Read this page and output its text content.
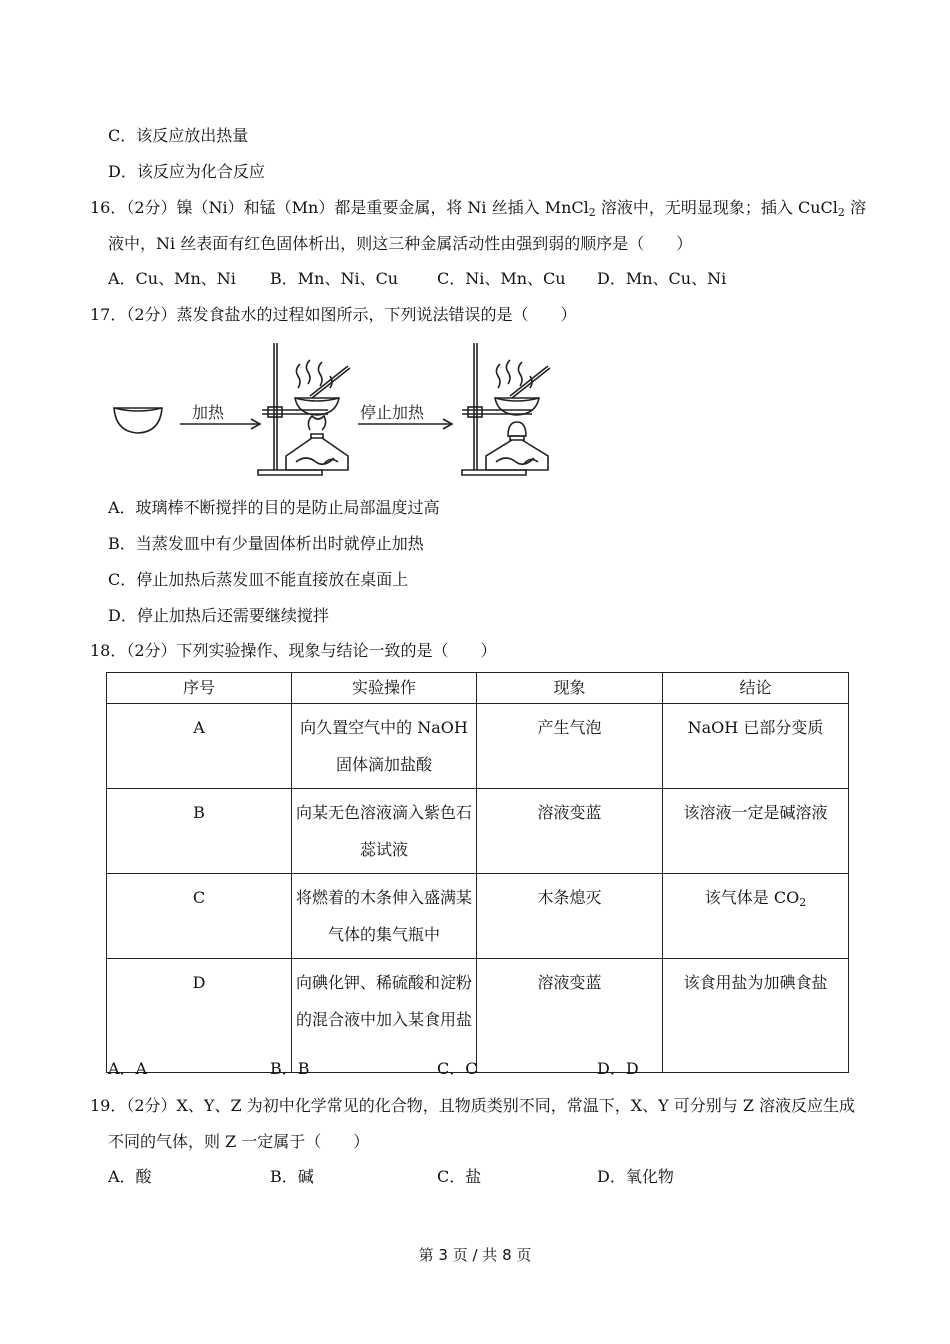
C．该反应放出热量
D．该反应为化合反应
16．（2分）镍（Ni）和锰（Mn）都是重要金属，将 Ni 丝插入 MnCl$_2$ 溶液中，无明显现象；插入 CuCl$_2$ 溶
液中，Ni 丝表面有红色固体析出，则这三种金属活动性由强到弱的顺序是（　　）
A．Cu、Mn、Ni B．Mn、Ni、Cu C．Ni、Mn、Cu D．Mn、Cu、Ni
17．（2分）蒸发食盐水的过程如图所示，下列说法错误的是（　　）
加热	停止加热
A．玻璃棒不断搅拌的目的是防止局部温度过高
B．当蒸发皿中有少量固体析出时就停止加热
C．停止加热后蒸发皿不能直接放在桌面上
D．停止加热后还需要继续搅拌
18．（2分）下列实验操作、现象与结论一致的是（　　）
序号	实验操作	现象	结论
A	向久置空气中的 NaOH 固体滴加盐酸	产生气泡	NaOH 已部分变质
B	向某无色溶液滴入紫色石蕊试液	溶液变蓝	该溶液一定是碱溶液
C	将燃着的木条伸入盛满某气体的集气瓶中	木条熄灭	该气体是 $CO_2$
D	向碘化钾、稀硫酸和淀粉的混合液中加入某食用盐	溶液变蓝	该食用盐为加碘食盐
A．A	B．B	C．C	D．D
19．（2分）X、Y、Z 为初中化学常见的化合物，且物质类别不同，常温下，X、Y 可分别与 Z 溶液反应生成
不同的气体，则 Z 一定属于（　　）
A．酸	B．碱	C．盐	D．氧化物
第 3 页 / 共 8 页
